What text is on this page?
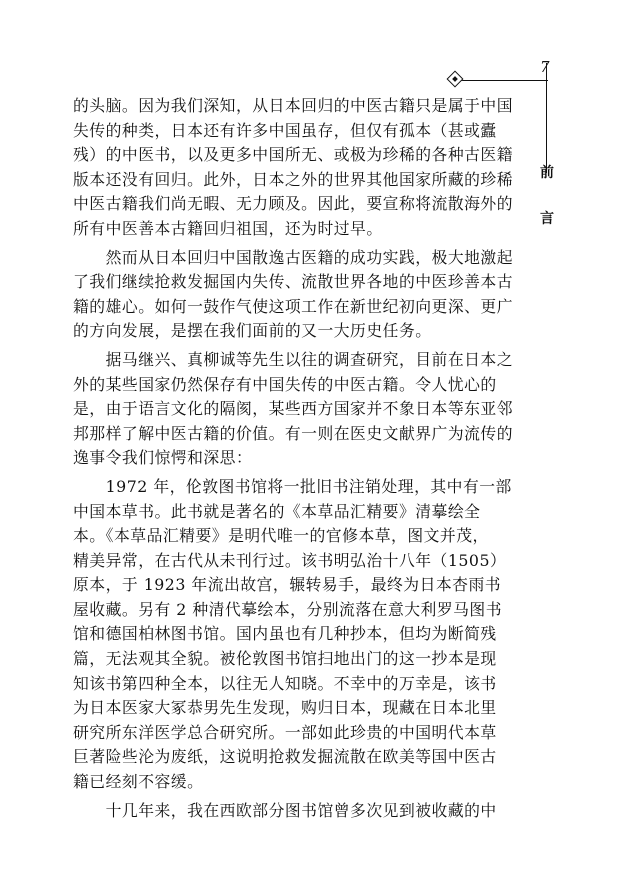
7
前
言
的头脑。因为我们深知，从日本回归的中医古籍只是属于中国
失传的种类，日本还有许多中国虽存，但仅有孤本（甚或蠹
残）的中医书，以及更多中国所无、或极为珍稀的各种古医籍
版本还没有回归。此外，日本之外的世界其他国家所藏的珍稀
中医古籍我们尚无暇、无力顾及。因此，要宣称将流散海外的
所有中医善本古籍回归祖国，还为时过早。
　　然而从日本回归中国散逸古医籍的成功实践，极大地激起
了我们继续抢救发掘国内失传、流散世界各地的中医珍善本古
籍的雄心。如何一鼓作气使这项工作在新世纪初向更深、更广
的方向发展，是摆在我们面前的又一大历史任务。
　　据马继兴、真柳诚等先生以往的调查研究，目前在日本之
外的某些国家仍然保存有中国失传的中医古籍。令人忧心的
是，由于语言文化的隔阂，某些西方国家并不象日本等东亚邻
邦那样了解中医古籍的价值。有一则在医史文献界广为流传的
逸事令我们惊愕和深思：
　　1972 年，伦敦图书馆将一批旧书注销处理，其中有一部
中国本草书。此书就是著名的《本草品汇精要》清摹绘全
本。《本草品汇精要》是明代唯一的官修本草，图文并茂，
精美异常，在古代从未刊行过。该书明弘治十八年（1505）
原本，于 1923 年流出故宫，辗转易手，最终为日本杏雨书
屋收藏。另有 2 种清代摹绘本，分别流落在意大利罗马图书
馆和德国柏林图书馆。国内虽也有几种抄本，但均为断简残
篇，无法观其全貌。被伦敦图书馆扫地出门的这一抄本是现
知该书第四种全本，以往无人知晓。不幸中的万幸是，该书
为日本医家大冢恭男先生发现，购归日本，现藏在日本北里
研究所东洋医学总合研究所。一部如此珍贵的中国明代本草
巨著险些沦为废纸，这说明抢救发掘流散在欧美等国中医古
籍已经刻不容缓。
　　十几年来，我在西欧部分图书馆曾多次见到被收藏的中
